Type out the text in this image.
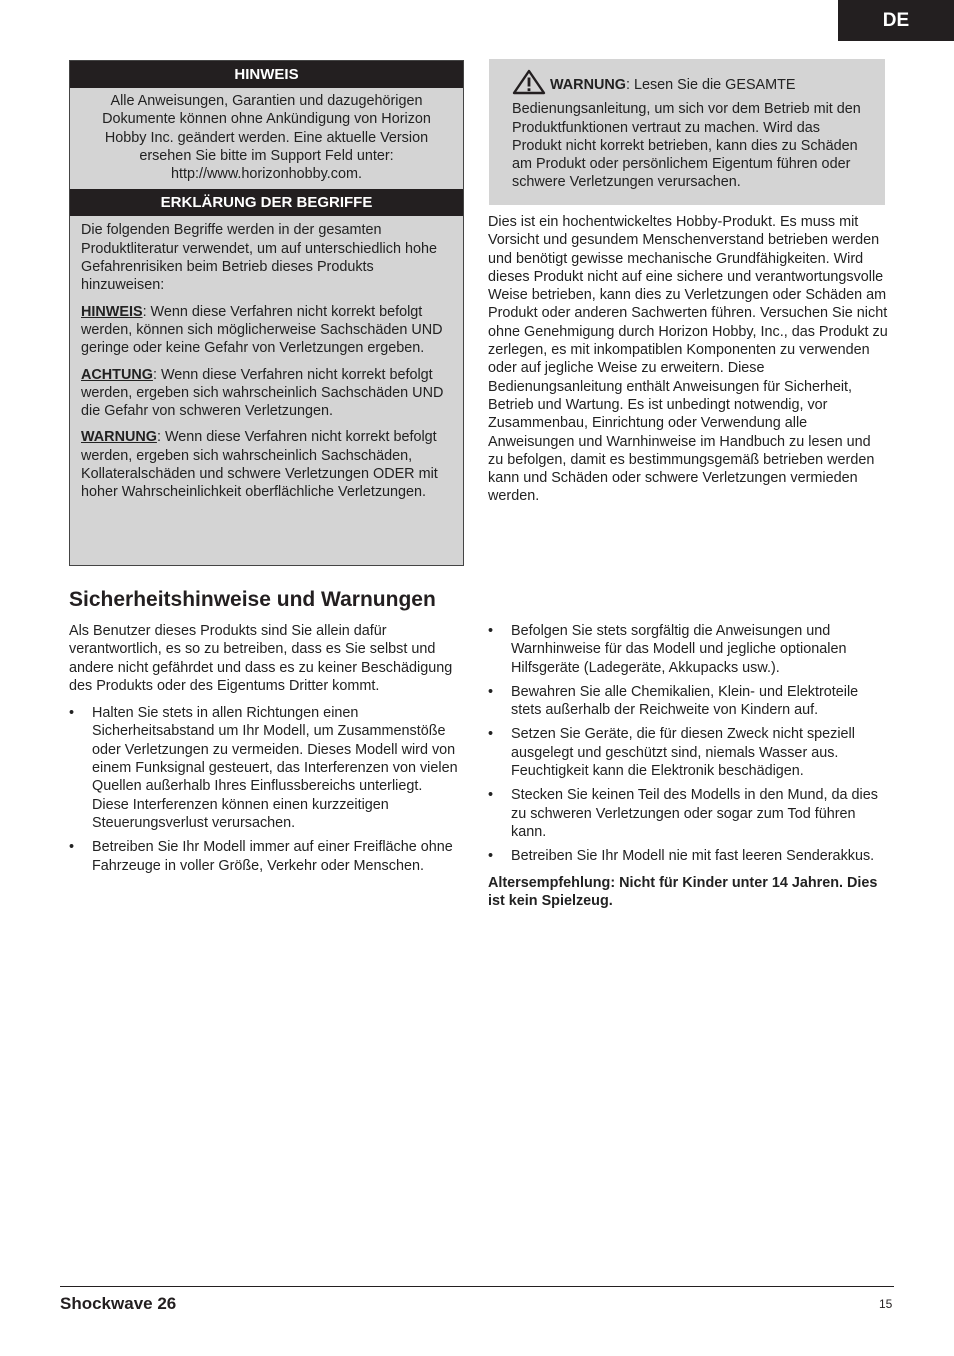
DE
HINWEIS

Alle Anweisungen, Garantien und dazugehörigen Dokumente können ohne Ankündigung von Horizon Hobby Inc. geändert werden. Eine aktuelle Version ersehen Sie bitte im Support Feld unter: http://www.horizonhobby.com.

ERKLÄRUNG DER BEGRIFFE

Die folgenden Begriffe werden in der gesamten Produktliteratur verwendet, um auf unterschiedlich hohe Gefahrenrisiken beim Betrieb dieses Produkts hinzuweisen:

HINWEIS: Wenn diese Verfahren nicht korrekt befolgt werden, können sich möglicherweise Sachschäden UND geringe oder keine Gefahr von Verletzungen ergeben.

ACHTUNG: Wenn diese Verfahren nicht korrekt befolgt werden, ergeben sich wahrscheinlich Sachschäden UND die Gefahr von schweren Verletzungen.

WARNUNG: Wenn diese Verfahren nicht korrekt befolgt werden, ergeben sich wahrscheinlich Sachschäden, Kollateralschäden und schwere Verletzungen ODER mit hoher Wahrscheinlichkeit oberflächliche Verletzungen.

WARNUNG: Lesen Sie die GESAMTE Bedienungsanleitung, um sich vor dem Betrieb mit den Produktfunktionen vertraut zu machen. Wird das Produkt nicht korrekt betrieben, kann dies zu Schäden am Produkt oder persönlichem Eigentum führen oder schwere Verletzungen verursachen.

Dies ist ein hochentwickeltes Hobby-Produkt. Es muss mit Vorsicht und gesundem Menschenverstand betrieben werden und benötigt gewisse mechanische Grundfähigkeiten. Wird dieses Produkt nicht auf eine sichere und verantwortungsvolle Weise betrieben, kann dies zu Verletzungen oder Schäden am Produkt oder anderen Sachwerten führen. Versuchen Sie nicht ohne Genehmigung durch Horizon Hobby, Inc., das Produkt zu zerlegen, es mit inkompatiblen Komponenten zu verwenden oder auf jegliche Weise zu erweitern. Diese Bedienungsanleitung enthält Anweisungen für Sicherheit, Betrieb und Wartung. Es ist unbedingt notwendig, vor Zusammenbau, Einrichtung oder Verwendung alle Anweisungen und Warnhinweise im Handbuch zu lesen und zu befolgen, damit es bestimmungsgemäß betrieben werden kann und Schäden oder schwere Verletzungen vermieden werden.

Sicherheitshinweise und Warnungen

Als Benutzer dieses Produkts sind Sie allein dafür verantwortlich, es so zu betreiben, dass es Sie selbst und andere nicht gefährdet und dass es zu keiner Beschädigung des Produkts oder des Eigentums Dritter kommt.

• Halten Sie stets in allen Richtungen einen Sicherheitsabstand um Ihr Modell, um Zusammenstöße oder Verletzungen zu vermeiden. Dieses Modell wird von einem Funksignal gesteuert, das Interferenzen von vielen Quellen außerhalb Ihres Einflussbereichs unterliegt. Diese Interferenzen können einen kurzzeitigen Steuerungsverlust verursachen.
• Betreiben Sie Ihr Modell immer auf einer Freifläche ohne Fahrzeuge in voller Größe, Verkehr oder Menschen.
• Befolgen Sie stets sorgfältig die Anweisungen und Warnhinweise für das Modell und jegliche optionalen Hilfsgeräte (Ladegeräte, Akkupacks usw.).
• Bewahren Sie alle Chemikalien, Klein- und Elektroteile stets außerhalb der Reichweite von Kindern auf.
• Setzen Sie Geräte, die für diesen Zweck nicht speziell ausgelegt und geschützt sind, niemals Wasser aus. Feuchtigkeit kann die Elektronik beschädigen.
• Stecken Sie keinen Teil des Modells in den Mund, da dies zu schweren Verletzungen oder sogar zum Tod führen kann.
• Betreiben Sie Ihr Modell nie mit fast leeren Senderakkus.

Altersempfehlung: Nicht für Kinder unter 14 Jahren. Dies ist kein Spielzeug.

Shockwave 26	15
